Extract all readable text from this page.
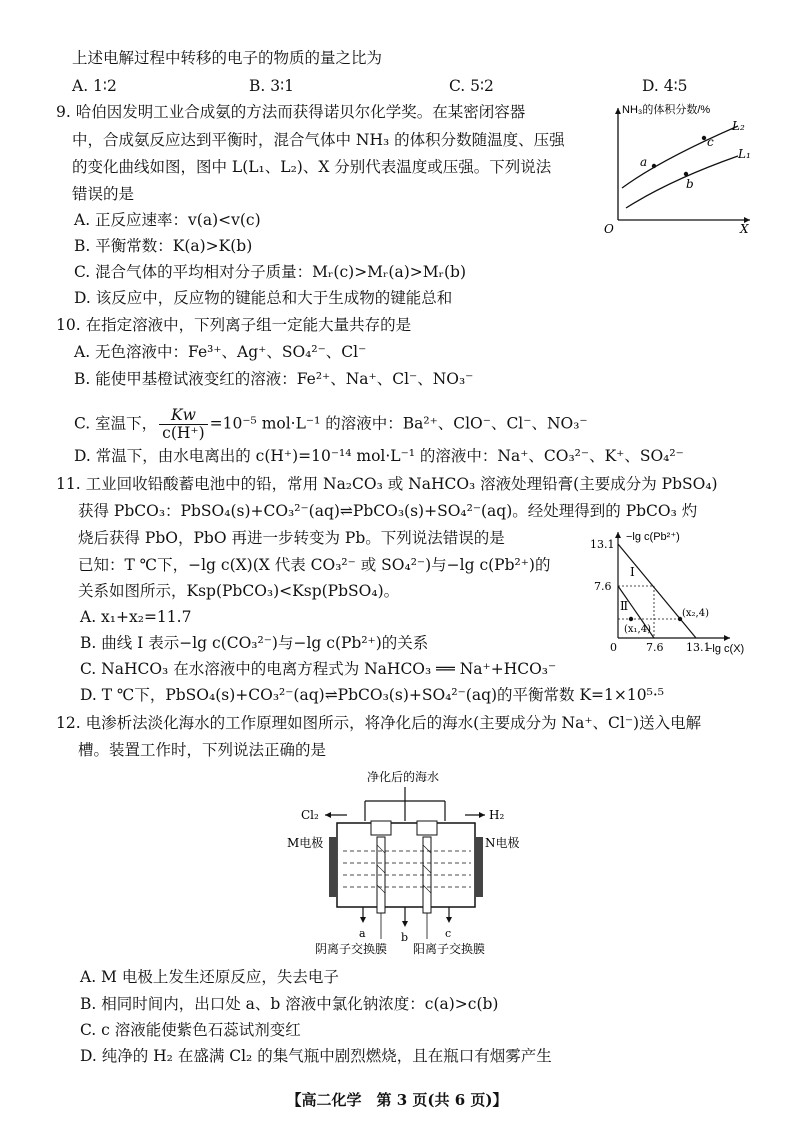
上述电解过程中转移的电子的物质的量之比为
A. 1∶2	B. 3∶1	C. 5∶2	D. 4∶5
9. 哈伯因发明工业合成氨的方法而获得诺贝尔化学奖。在某密闭容器
中，合成氨反应达到平衡时，混合气体中 NH₃ 的体积分数随温度、压强
的变化曲线如图，图中 L(L₁、L₂)、X 分别代表温度或压强。下列说法
错误的是
A. 正反应速率：v(a)<v(c)
B. 平衡常数：K(a)>K(b)
C. 混合气体的平均相对分子质量：Mᵣ(c)>Mᵣ(a)>Mᵣ(b)
D. 该反应中，反应物的键能总和大于生成物的键能总和
NH₃的体积分数/%
X
O
L₂
L₁
a
c
b
10. 在指定溶液中，下列离子组一定能大量共存的是
A. 无色溶液中：Fe³⁺、Ag⁺、SO₄²⁻、Cl⁻
B. 能使甲基橙试液变红的溶液：Fe²⁺、Na⁺、Cl⁻、NO₃⁻
C. 室温下， $\frac{Kw}{c(H^+)} =10^{-5}$ mol·L⁻¹ 的溶液中：Ba²⁺、ClO⁻、Cl⁻、NO₃⁻
D. 常温下，由水电离出的 c(H⁺)=10⁻¹⁴ mol·L⁻¹ 的溶液中：Na⁺、CO₃²⁻、K⁺、SO₄²⁻
11. 工业回收铅酸蓄电池中的铅，常用 Na₂CO₃ 或 NaHCO₃ 溶液处理铅膏(主要成分为 PbSO₄)
获得 PbCO₃：PbSO₄(s)+CO₃²⁻(aq)⇌PbCO₃(s)+SO₄²⁻(aq)。经处理得到的 PbCO₃ 灼
烧后获得 PbO，PbO 再进一步转变为 Pb。下列说法错误的是
已知：T ℃下，−lg c(X)(X 代表 CO₃²⁻ 或 SO₄²⁻)与−lg c(Pb²⁺)的
关系如图所示，Ksp(PbCO₃)<Ksp(PbSO₄)。
A. x₁+x₂=11.7
B. 曲线 Ⅰ 表示−lg c(CO₃²⁻)与−lg c(Pb²⁺)的关系
C. NaHCO₃ 在水溶液中的电离方程式为 NaHCO₃ ══ Na⁺+HCO₃⁻
D. T ℃下，PbSO₄(s)+CO₃²⁻(aq)⇌PbCO₃(s)+SO₄²⁻(aq)的平衡常数 K=1×10⁵·⁵
−lg c(Pb²⁺)
−lg c(X)
0
13.1
7.6
7.6 13.1
Ⅰ
Ⅱ
(x₂,4)
(x₁,4)
12. 电渗析法淡化海水的工作原理如图所示，将净化后的海水(主要成分为 Na⁺、Cl⁻)送入电解
槽。装置工作时，下列说法正确的是
净化后的海水
Cl₂	H₂
M电极	N电极
a	b	c
阴离子交换膜 阳离子交换膜
A. M 电极上发生还原反应，失去电子
B. 相同时间内，出口处 a、b 溶液中氯化钠浓度：c(a)>c(b)
C. c 溶液能使紫色石蕊试剂变红
D. 纯净的 H₂ 在盛满 Cl₂ 的集气瓶中剧烈燃烧，且在瓶口有烟雾产生
【高二化学　第 3 页(共 6 页)】
